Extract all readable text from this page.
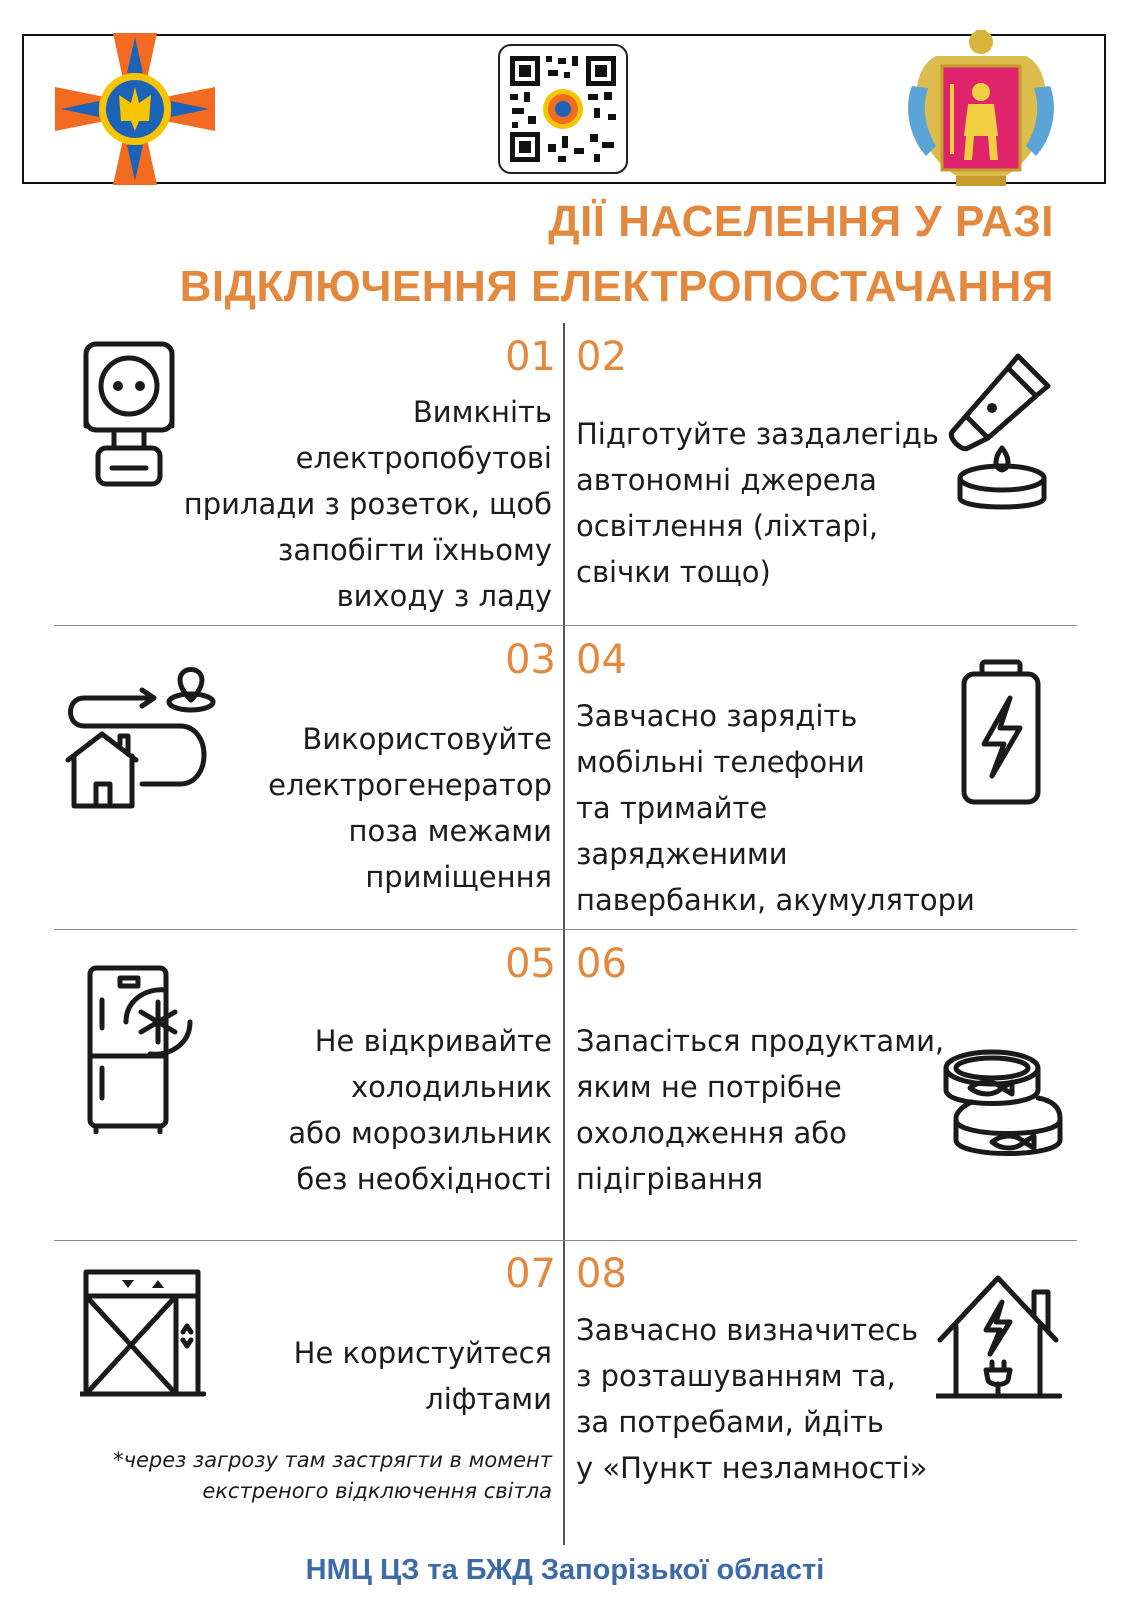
ДІЇ НАСЕЛЕННЯ У РАЗІ
ВІДКЛЮЧЕННЯ ЕЛЕКТРОПОСТАЧАННЯ
01 02
Вимкніть
електропобутові
прилади з розеток, щоб
запобігти їхньому
виходу з ладу
Підготуйте заздалегідь
автономні джерела
освітлення (ліхтарі,
свічки тощо)
03 04
Використовуйте
електрогенератор
поза межами
приміщення
Завчасно зарядіть
мобільні телефони
та тримайте
зарядженими
павербанки, акумулятори
05 06
Не відкривайте
холодильник
або морозильник
без необхідності
Запасіться продуктами,
яким не потрібне
охолодження або
підігрівання
07 08
Не користуйтеся
ліфтами
*через загрозу там застрягти в момент
екстреного відключення світла
Завчасно визначитесь
з розташуванням та,
за потребами, йдіть
у «Пункт незламності»
НМЦ ЦЗ та БЖД Запорізької області
